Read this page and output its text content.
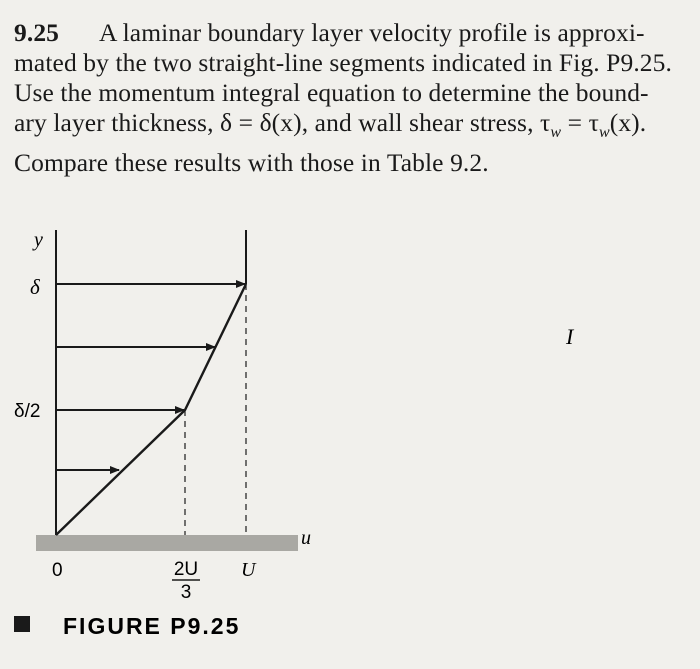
9.25 A laminar boundary layer velocity profile is approxi-
mated by the two straight-line segments indicated in Fig. P9.25.
Use the momentum integral equation to determine the bound-
ary layer thickness, δ = δ(x), and wall shear stress, $\tau_w = \tau_w(x)$.
Compare these results with those in Table 9.2.
y
δ
δ/2
u
0	2U
3
U
FIGURE P9.25
I
